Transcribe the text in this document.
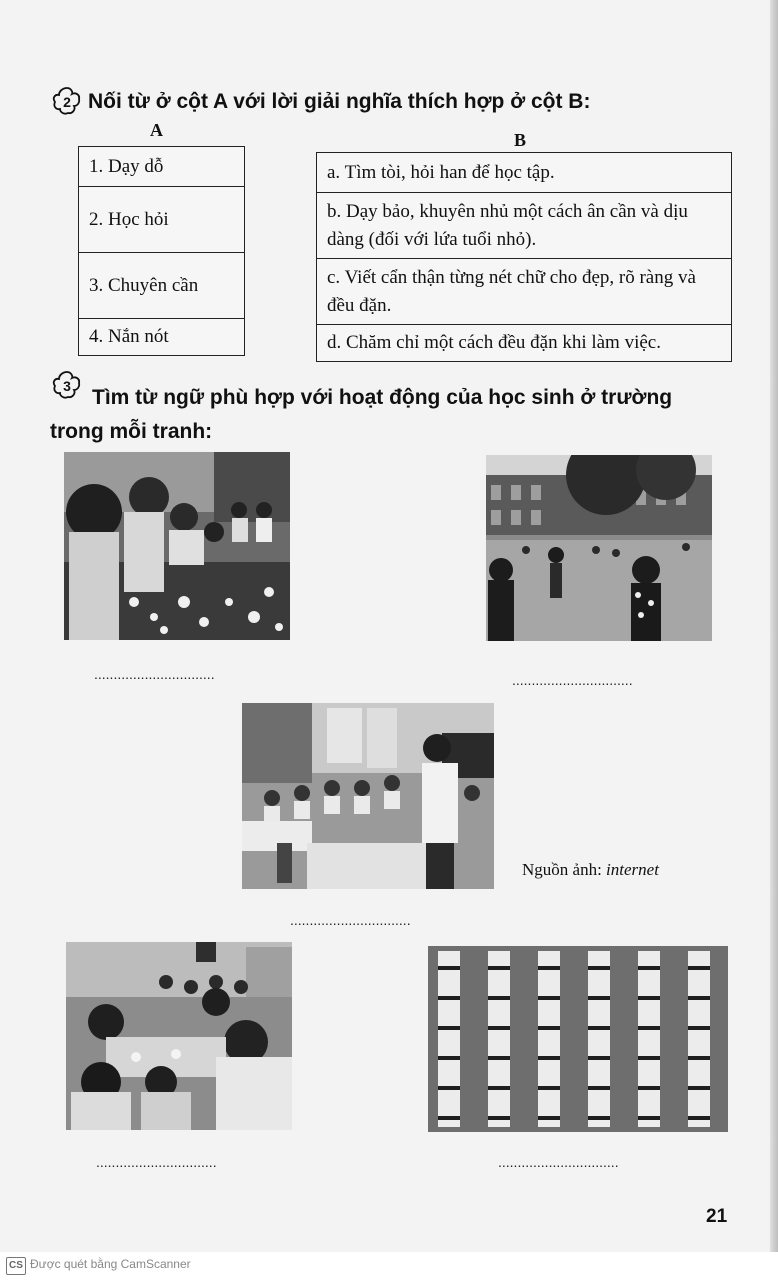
2 Nối từ ở cột A với lời giải nghĩa thích hợp ở cột B:
A	B
1. Dạy dỗ
2. Học hỏi
3. Chuyên cần
4. Nắn nót
a. Tìm tòi, hỏi han để học tập.
b. Dạy bảo, khuyên nhủ một cách ân cần và dịu dàng (đối với lứa tuổi nhỏ).
c. Viết cẩn thận từng nét chữ cho đẹp, rõ ràng và đều đặn.
d. Chăm chỉ một cách đều đặn khi làm việc.
3 Tìm từ ngữ phù hợp với hoạt động của học sinh ở trường
trong mỗi tranh:
...............................	...............................
Nguồn ảnh: internet
...............................
...............................	...............................
21
CS Được quét bằng CamScanner
